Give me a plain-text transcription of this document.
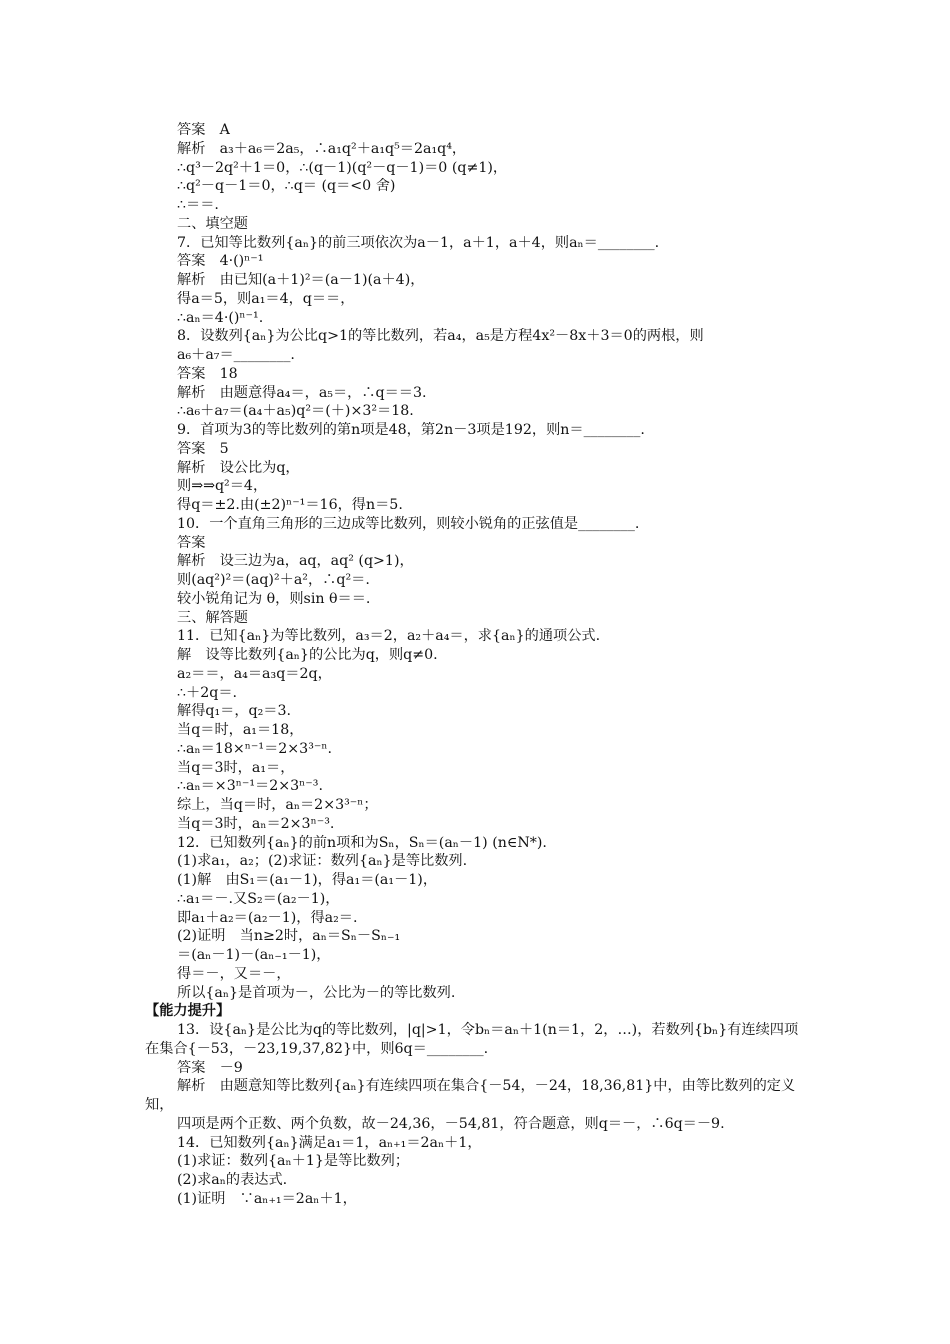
答案　A
解析　a₃＋a₆＝2a₅，∴a₁q²＋a₁q⁵＝2a₁q⁴，
∴q³－2q²＋1＝0，∴(q－1)(q²－q－1)＝0 (q≠1)，
∴q²－q－1＝0，∴q＝ (q＝<0 舍)
∴＝＝.
二、填空题
7．已知等比数列{aₙ}的前三项依次为a－1，a＋1，a＋4，则aₙ＝________.
答案　4·()ⁿ⁻¹
解析　由已知(a＋1)²＝(a－1)(a＋4)，
得a＝5，则a₁＝4，q＝＝，
∴aₙ＝4·()ⁿ⁻¹.
8．设数列{aₙ}为公比q>1的等比数列，若a₄，a₅是方程4x²－8x＋3＝0的两根，则
a₆＋a₇＝________.
答案　18
解析　由题意得a₄＝，a₅＝，∴q＝＝3.
∴a₆＋a₇＝(a₄＋a₅)q²＝(＋)×3²＝18.
9．首项为3的等比数列的第n项是48，第2n－3项是192，则n＝________.
答案　5
解析　设公比为q，
则⇒⇒q²＝4，
得q＝±2.由(±2)ⁿ⁻¹＝16，得n＝5.
10．一个直角三角形的三边成等比数列，则较小锐角的正弦值是________.
答案
解析　设三边为a，aq，aq² (q>1)，
则(aq²)²＝(aq)²＋a²，∴q²＝.
较小锐角记为 θ，则sin θ＝＝.
三、解答题
11．已知{aₙ}为等比数列，a₃＝2，a₂＋a₄＝，求{aₙ}的通项公式.
解　设等比数列{aₙ}的公比为q，则q≠0.
a₂＝＝，a₄＝a₃q＝2q，
∴＋2q＝.
解得q₁＝，q₂＝3.
当q＝时，a₁＝18，
∴aₙ＝18×ⁿ⁻¹＝2×3³⁻ⁿ.
当q＝3时，a₁＝，
∴aₙ＝×3ⁿ⁻¹＝2×3ⁿ⁻³.
综上，当q＝时，aₙ＝2×3³⁻ⁿ；
当q＝3时，aₙ＝2×3ⁿ⁻³.
12．已知数列{aₙ}的前n项和为Sₙ，Sₙ＝(aₙ－1) (n∈N*).
(1)求a₁，a₂；(2)求证：数列{aₙ}是等比数列.
(1)解　由S₁＝(a₁－1)，得a₁＝(a₁－1)，
∴a₁＝－.又S₂＝(a₂－1)，
即a₁＋a₂＝(a₂－1)，得a₂＝.
(2)证明　当n≥2时，aₙ＝Sₙ－Sₙ₋₁
＝(aₙ－1)－(aₙ₋₁－1)，
得＝－，又＝－，
所以{aₙ}是首项为－，公比为－的等比数列.
【能力提升】
13．设{aₙ}是公比为q的等比数列，|q|>1，令bₙ＝aₙ＋1(n＝1，2，…)，若数列{bₙ}有连续四项在集合{－53，－23,19,37,82}中，则6q＝________.
答案　－9
解析　由题意知等比数列{aₙ}有连续四项在集合{－54，－24，18,36,81}中，由等比数列的定义知，
四项是两个正数、两个负数，故－24,36，－54,81，符合题意，则q＝－，∴6q＝－9.
14．已知数列{aₙ}满足a₁＝1，aₙ₊₁＝2aₙ＋1，
(1)求证：数列{aₙ＋1}是等比数列；
(2)求aₙ的表达式.
(1)证明　∵aₙ₊₁＝2aₙ＋1，
